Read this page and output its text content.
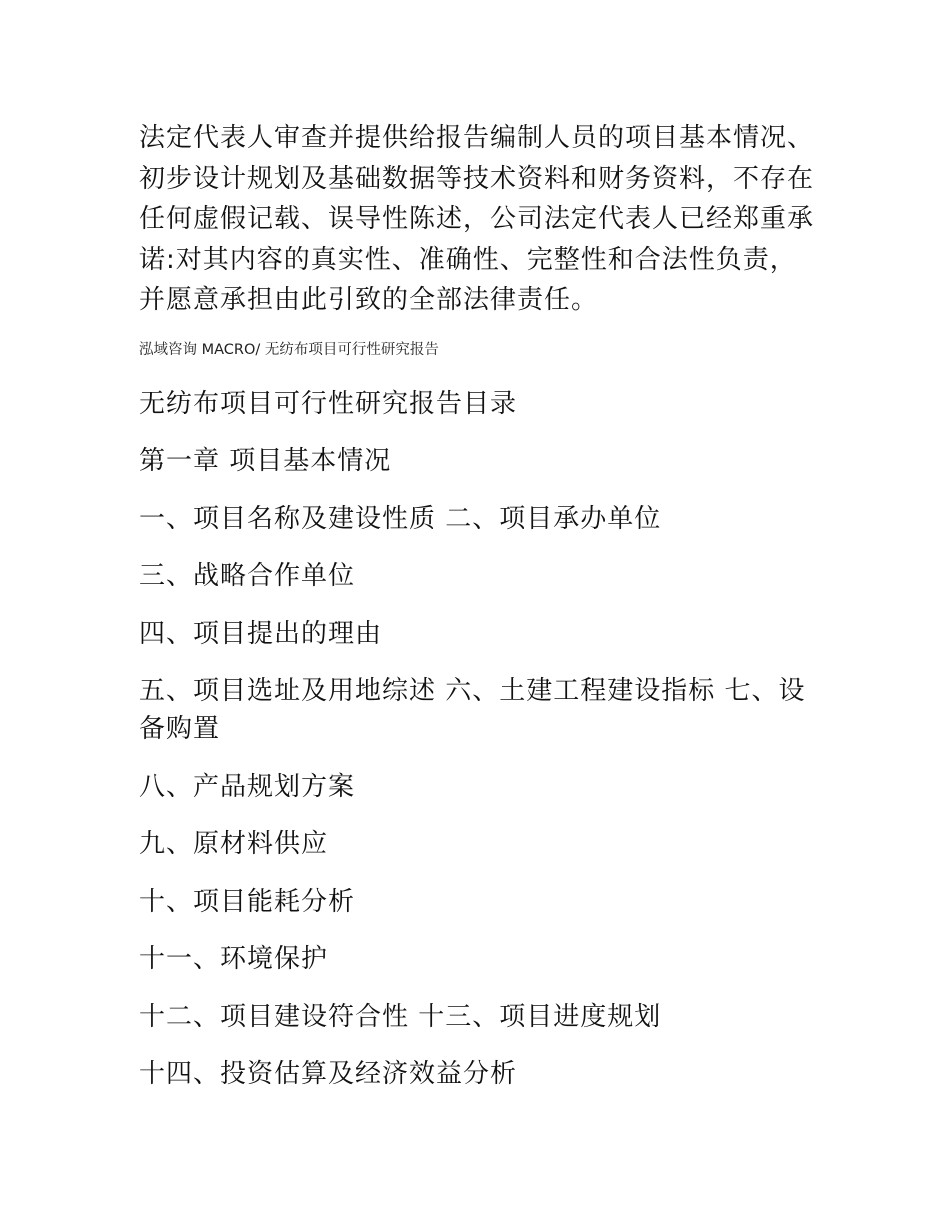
法定代表人审查并提供给报告编制人员的项目基本情况、初步设计规划及基础数据等技术资料和财务资料，不存在任何虚假记载、误导性陈述，公司法定代表人已经郑重承诺:对其内容的真实性、准确性、完整性和合法性负责，并愿意承担由此引致的全部法律责任。

泓域咨询 MACRO/ 无纺布项目可行性研究报告

无纺布项目可行性研究报告目录
第一章 项目基本情况
一、项目名称及建设性质 二、项目承办单位
三、战略合作单位
四、项目提出的理由
五、项目选址及用地综述 六、土建工程建设指标 七、设备购置
八、产品规划方案
九、原材料供应
十、项目能耗分析
十一、环境保护
十二、项目建设符合性 十三、项目进度规划
十四、投资估算及经济效益分析
